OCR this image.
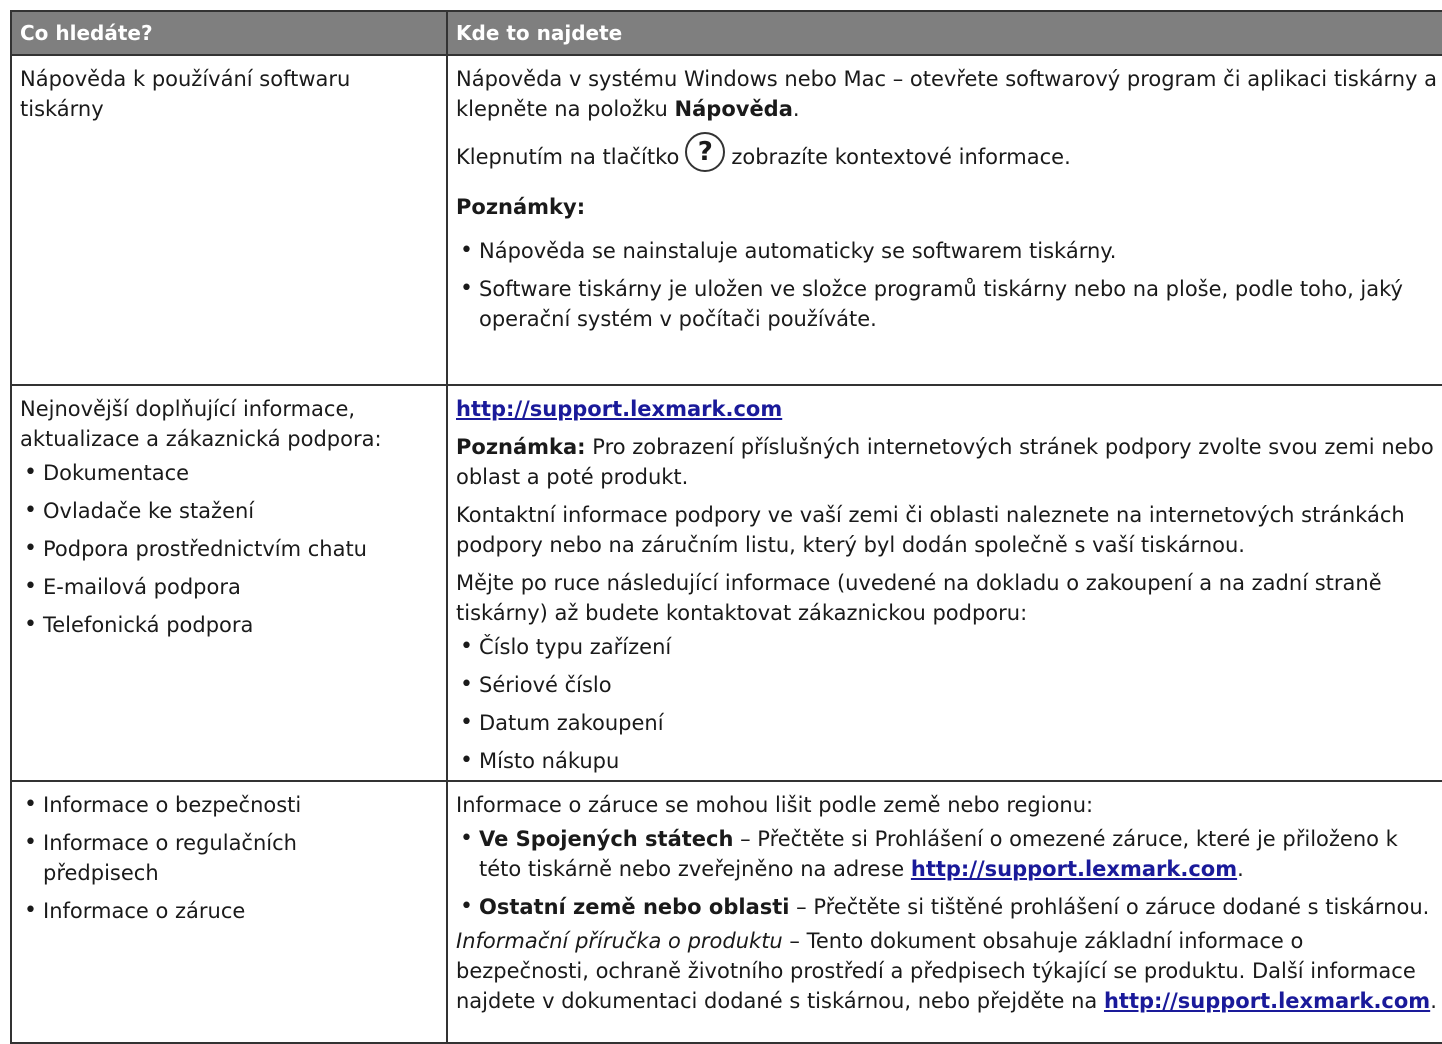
Co hledáte?	Kde to najdete

Nápověda k používání softwaru tiskárny

Nápověda v systému Windows nebo Mac – otevřete softwarový program či aplikaci tiskárny a klepněte na položku Nápověda.

Klepnutím na tlačítko ? zobrazíte kontextové informace.

Poznámky:

• Nápověda se nainstaluje automaticky se softwarem tiskárny.
• Software tiskárny je uložen ve složce programů tiskárny nebo na ploše, podle toho, jaký operační systém v počítači používáte.

Nejnovější doplňující informace, aktualizace a zákaznická podpora:

• Dokumentace
• Ovladače ke stažení
• Podpora prostřednictvím chatu
• E-mailová podpora
• Telefonická podpora

http://support.lexmark.com

Poznámka: Pro zobrazení příslušných internetových stránek podpory zvolte svou zemi nebo oblast a poté produkt.

Kontaktní informace podpory ve vaší zemi či oblasti naleznete na internetových stránkách podpory nebo na záručním listu, který byl dodán společně s vaší tiskárnou.

Mějte po ruce následující informace (uvedené na dokladu o zakoupení a na zadní straně tiskárny) až budete kontaktovat zákaznickou podporu:

• Číslo typu zařízení
• Sériové číslo
• Datum zakoupení
• Místo nákupu
• Informace o bezpečnosti
• Informace o regulačních předpisech
• Informace o záruce

Informace o záruce se mohou lišit podle země nebo regionu:

• Ve Spojených státech – Přečtěte si Prohlášení o omezené záruce, které je přiloženo k této tiskárně nebo zveřejněno na adrese http://support.lexmark.com.
• Ostatní země nebo oblasti – Přečtěte si tištěné prohlášení o záruce dodané s tiskárnou.

Informační příručka o produktu – Tento dokument obsahuje základní informace o bezpečnosti, ochraně životního prostředí a předpisech týkající se produktu. Další informace najdete v dokumentaci dodané s tiskárnou, nebo přejděte na http://support.lexmark.com.
